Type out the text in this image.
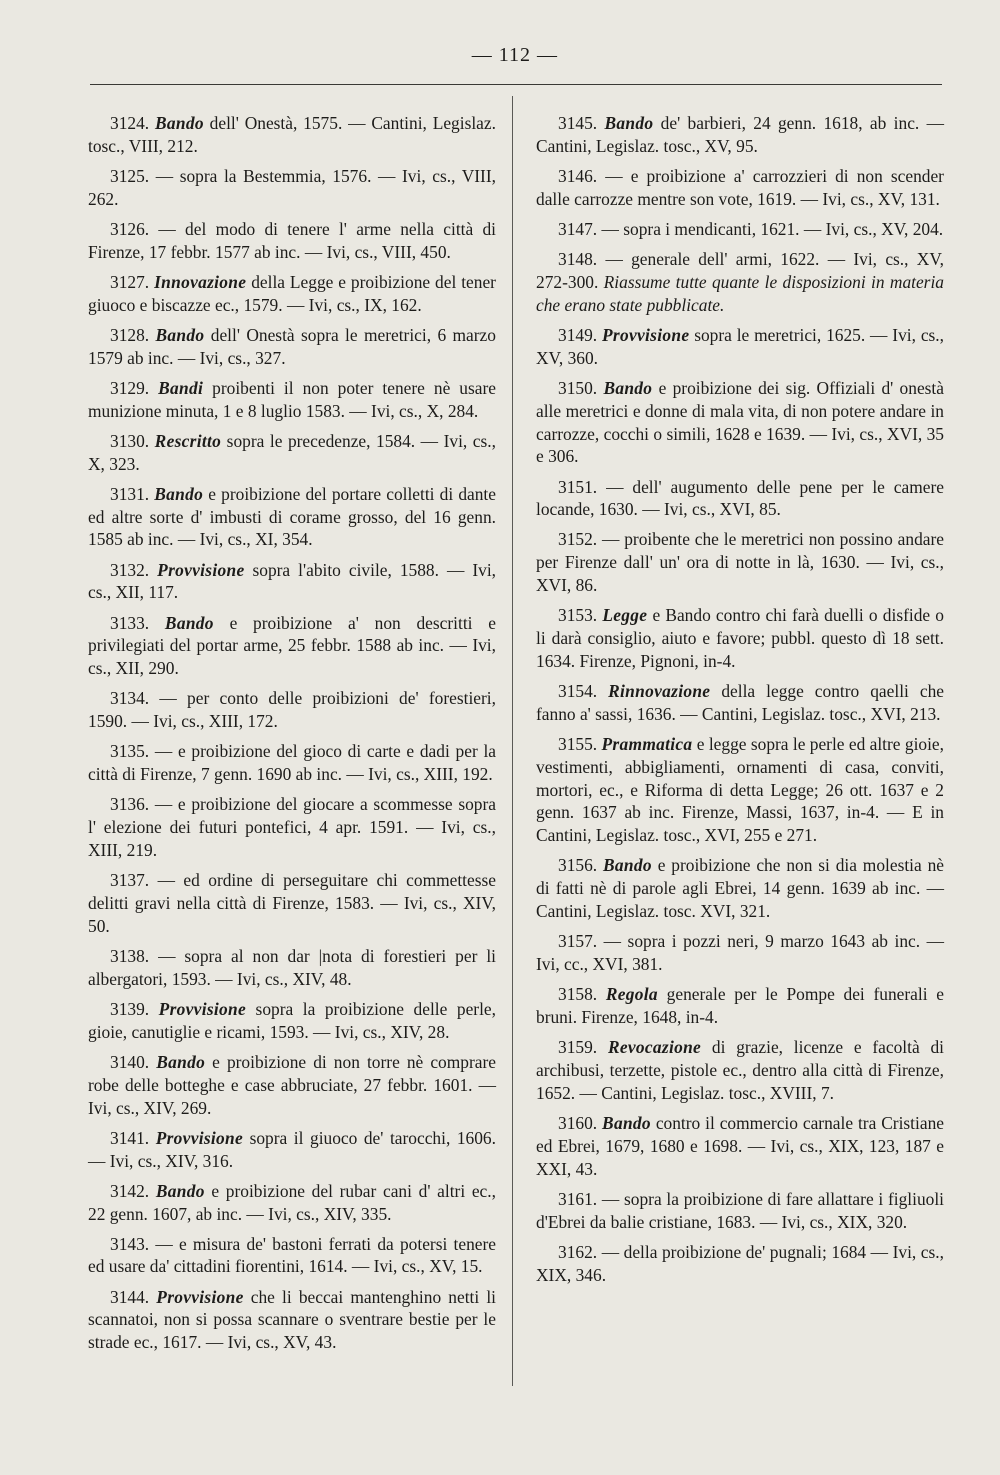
— 112 —

3124. Bando dell' Onestà, 1575. — Cantini, Legislaz. tosc., VIII, 212.

3125. — sopra la Bestemmia, 1576. — Ivi, cs., VIII, 262.

3126. — del modo di tenere l' arme nella città di Firenze, 17 febbr. 1577 ab inc. — Ivi, cs., VIII, 450.

3127. Innovazione della Legge e proibizione del tener giuoco e biscazze ec., 1579. — Ivi, cs., IX, 162.

3128. Bando dell' Onestà sopra le meretrici, 6 marzo 1579 ab inc. — Ivi, cs., 327.

3129. Bandi proibenti il non poter tenere nè usare munizione minuta, 1 e 8 luglio 1583. — Ivi, cs., X, 284.

3130. Rescritto sopra le precedenze, 1584. — Ivi, cs., X, 323.

3131. Bando e proibizione del portare colletti di dante ed altre sorte d' imbusti di corame grosso, del 16 genn. 1585 ab inc. — Ivi, cs., XI, 354.

3132. Provvisione sopra l'abito civile, 1588. — Ivi, cs., XII, 117.

3133. Bando e proibizione a' non descritti e privilegiati del portar arme, 25 febbr. 1588 ab inc. — Ivi, cs., XII, 290.

3134. — per conto delle proibizioni de' forestieri, 1590. — Ivi, cs., XIII, 172.

3135. — e proibizione del gioco di carte e dadi per la città di Firenze, 7 genn. 1690 ab inc. — Ivi, cs., XIII, 192.

3136. — e proibizione del giocare a scommesse sopra l' elezione dei futuri pontefici, 4 apr. 1591. — Ivi, cs., XIII, 219.

3137. — ed ordine di perseguitare chi commettesse delitti gravi nella città di Firenze, 1583. — Ivi, cs., XIV, 50.

3138. — sopra al non dar |nota di forestieri per li albergatori, 1593. — Ivi, cs., XIV, 48.

3139. Provvisione sopra la proibizione delle perle, gioie, canutiglie e ricami, 1593. — Ivi, cs., XIV, 28.

3140. Bando e proibizione di non torre nè comprare robe delle botteghe e case abbruciate, 27 febbr. 1601. — Ivi, cs., XIV, 269.

3141. Provvisione sopra il giuoco de' tarocchi, 1606. — Ivi, cs., XIV, 316.

3142. Bando e proibizione del rubar cani d' altri ec., 22 genn. 1607, ab inc. — Ivi, cs., XIV, 335.

3143. — e misura de' bastoni ferrati da potersi tenere ed usare da' cittadini fiorentini, 1614. — Ivi, cs., XV, 15.

3144. Provvisione che li beccai mantenghino netti li scannatoi, non si possa scannare o sventrare bestie per le strade ec., 1617. — Ivi, cs., XV, 43.

3145. Bando de' barbieri, 24 genn. 1618, ab inc. — Cantini, Legislaz. tosc., XV, 95.

3146. — e proibizione a' carrozzieri di non scender dalle carrozze mentre son vote, 1619. — Ivi, cs., XV, 131.

3147. — sopra i mendicanti, 1621. — Ivi, cs., XV, 204.

3148. — generale dell' armi, 1622. — Ivi, cs., XV, 272-300. Riassume tutte quante le disposizioni in materia che erano state pubblicate.

3149. Provvisione sopra le meretrici, 1625. — Ivi, cs., XV, 360.

3150. Bando e proibizione dei sig. Offiziali d' onestà alle meretrici e donne di mala vita, di non potere andare in carrozze, cocchi o simili, 1628 e 1639. — Ivi, cs., XVI, 35 e 306.

3151. — dell' augumento delle pene per le camere locande, 1630. — Ivi, cs., XVI, 85.

3152. — proibente che le meretrici non possino andare per Firenze dall' un' ora di notte in là, 1630. — Ivi, cs., XVI, 86.

3153. Legge e Bando contro chi farà duelli o disfide o li darà consiglio, aiuto e favore; pubbl. questo dì 18 sett. 1634. Firenze, Pignoni, in-4.

3154. Rinnovazione della legge contro qaelli che fanno a' sassi, 1636. — Cantini, Legislaz. tosc., XVI, 213.

3155. Prammatica e legge sopra le perle ed altre gioie, vestimenti, abbigliamenti, ornamenti di casa, conviti, mortori, ec., e Riforma di detta Legge; 26 ott. 1637 e 2 genn. 1637 ab inc. Firenze, Massi, 1637, in-4. — E in Cantini, Legislaz. tosc., XVI, 255 e 271.

3156. Bando e proibizione che non si dia molestia nè di fatti nè di parole agli Ebrei, 14 genn. 1639 ab inc. — Cantini, Legislaz. tosc. XVI, 321.

3157. — sopra i pozzi neri, 9 marzo 1643 ab inc. — Ivi, cc., XVI, 381.

3158. Regola generale per le Pompe dei funerali e bruni. Firenze, 1648, in-4.

3159. Revocazione di grazie, licenze e facoltà di archibusi, terzette, pistole ec., dentro alla città di Firenze, 1652. — Cantini, Legislaz. tosc., XVIII, 7.

3160. Bando contro il commercio carnale tra Cristiane ed Ebrei, 1679, 1680 e 1698. — Ivi, cs., XIX, 123, 187 e XXI, 43.

3161. — sopra la proibizione di fare allattare i figliuoli d'Ebrei da balie cristiane, 1683. — Ivi, cs., XIX, 320.

3162. — della proibizione de' pugnali; 1684 — Ivi, cs., XIX, 346.
